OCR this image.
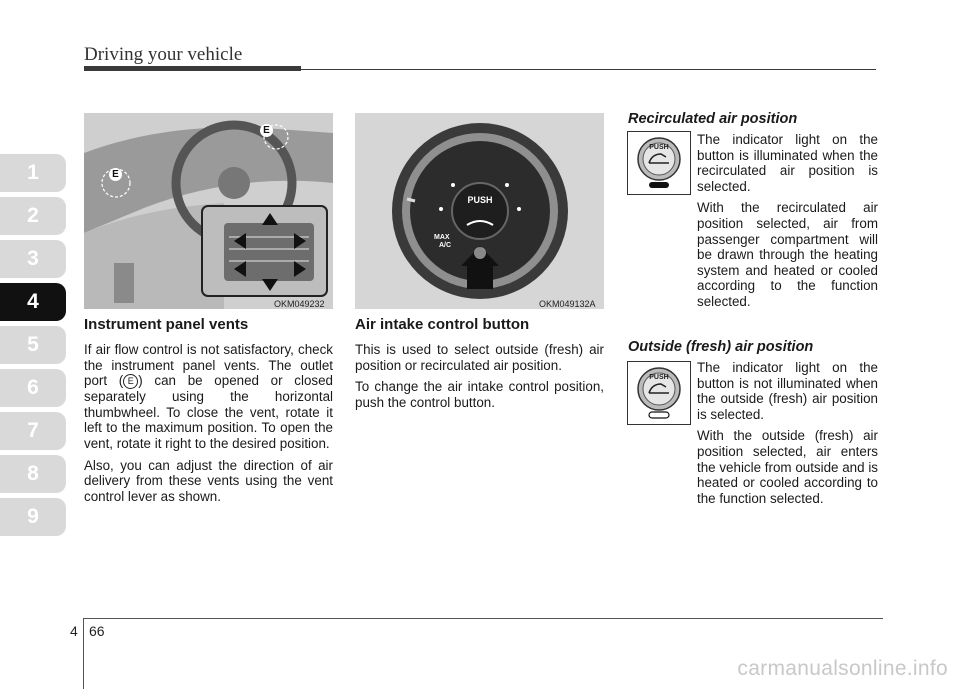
Driving your vehicle
1
2
3
4
5
6
7
8
9
E
E
OKM049232
PUSH
MAX
A/C
OKM049132A
Instrument panel vents

If air flow control is not satisfactory, check the instrument panel vents. The outlet port ( E ) can be opened or closed separately using the horizontal thumbwheel. To close the vent, rotate it left to the maximum position. To open the vent, rotate it right to the desired position.

Also, you can adjust the direction of air delivery from these vents using the vent control lever as shown.

Air intake control button

This is used to select outside (fresh) air position or recirculated air position.

To change the air intake control position, push the control button.

Recirculated air position
PUSH

The indicator light on the button is illuminated when the recirculated air position is selected.

With the recirculated air position selected, air from passenger compartment will be drawn through the heating system and heated or cooled according to the function selected.

Outside (fresh) air position
PUSH

The indicator light on the button is not illuminated when the outside (fresh) air position is selected.

With the outside (fresh) air position selected, air enters the vehicle from outside and is heated or cooled according to the function selected.

4 66
carmanualsonline.info
